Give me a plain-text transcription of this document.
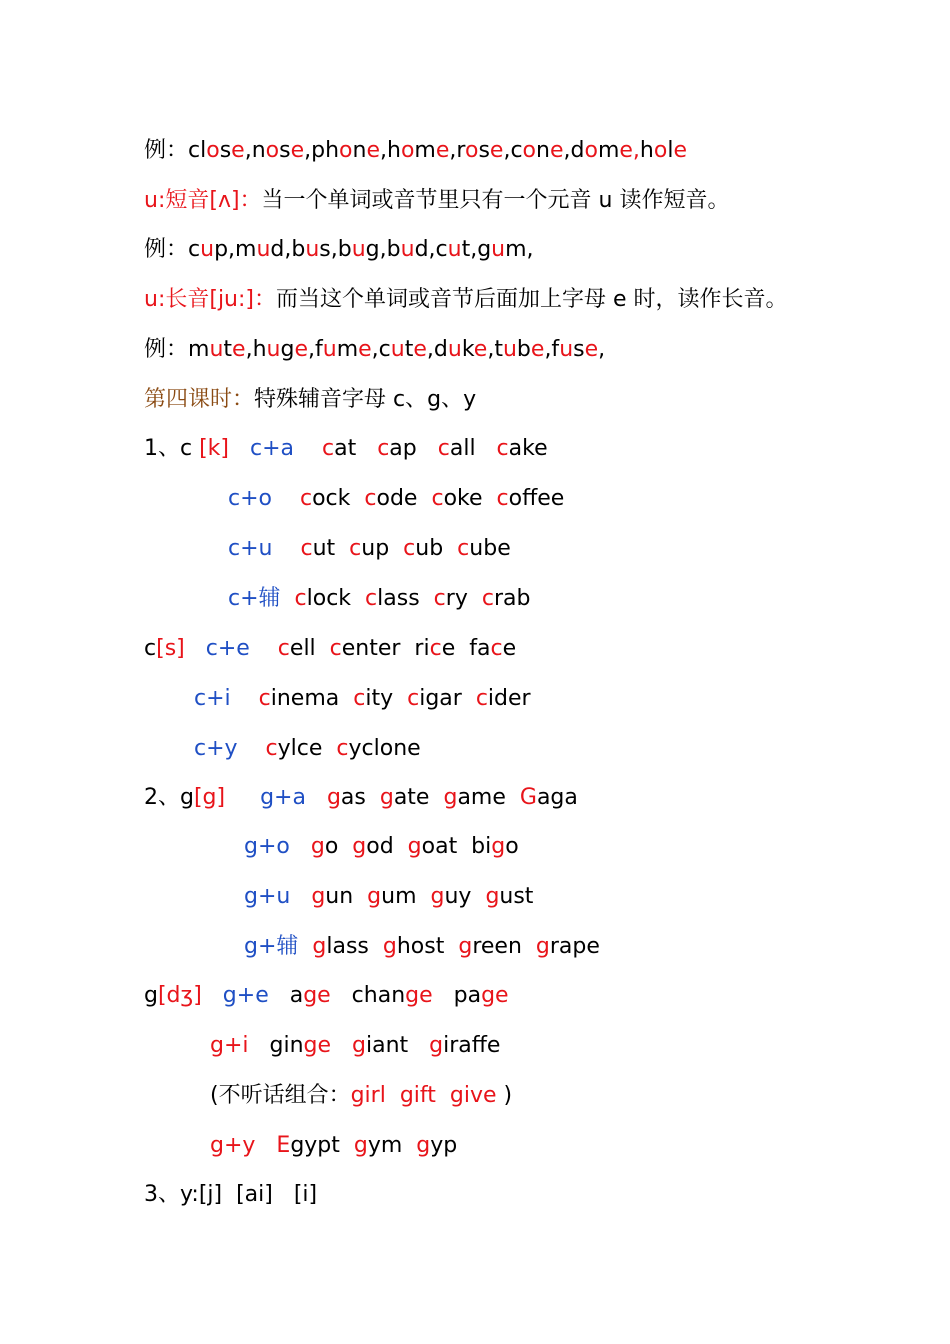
例：close,nose,phone,home,rose,cone,dome,hole
u:短音[ʌ]：当一个单词或音节里只有一个元音 u 读作短音。
例：cup,mud,bus,bug,bud,cut,gum,
u:长音[ju:]：而当这个单词或音节后面加上字母 e 时，读作长音。
例：mute,huge,fume,cute,duke,tube,fuse,
第四课时：特殊辅音字母 c、g、y
1、c [k] c+a cat   cap   call   cake
c+o cock  code  coke  coffee
c+u cut  cup  cub  cube
c+辅 clock  class  cry  crab
c[s] c+e cell  center  rice  face
c+i cinema  city  cigar  cider
c+y cylce  cyclone
2、g[g] g+a gas  gate  game  Gaga
g+o go  god  goat  bigo
g+u gun  gum  guy  gust
g+辅 glass  ghost  green  grape
g[dʒ] g+e   age   change   page
g+i   ginge giant   giraffe
(不听话组合：girl  gift  give )
g+y Egypt  gym  gyp
3、y:[j]  [ai]   [i]
